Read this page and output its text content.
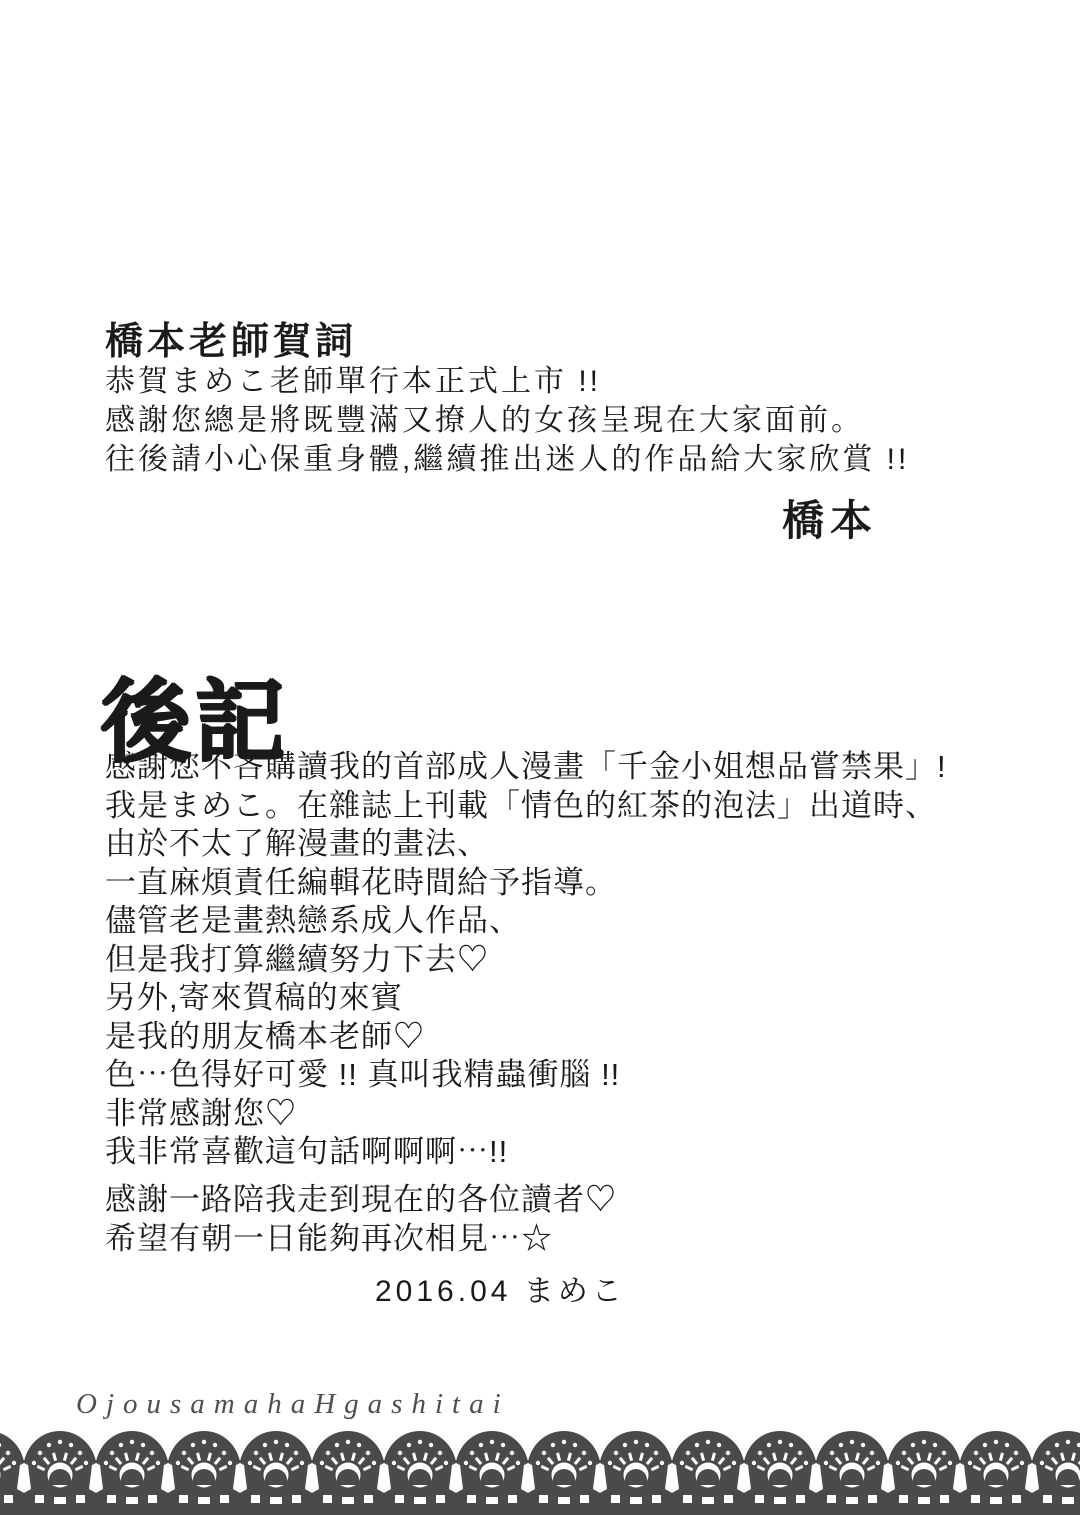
橋本老師賀詞

恭賀まめこ老師單行本正式上市 !!

感謝您總是將既豐滿又撩人的女孩呈現在大家面前。

往後請小心保重身體,繼續推出迷人的作品給大家欣賞 !!

橋本
後記

感謝您不吝購讀我的首部成人漫畫「千金小姐想品嘗禁果」!

我是まめこ。在雜誌上刊載「情色的紅茶的泡法」出道時、

由於不太了解漫畫的畫法、

一直麻煩責任編輯花時間給予指導。

儘管老是畫熱戀系成人作品、

但是我打算繼續努力下去♡

另外,寄來賀稿的來賓

是我的朋友橋本老師♡

色⋯色得好可愛 !! 真叫我精蟲衝腦 !!

非常感謝您♡

我非常喜歡這句話啊啊啊⋯!!

感謝一路陪我走到現在的各位讀者♡

希望有朝一日能夠再次相見⋯☆

2016.04 まめこ
OjousamahaHgashitai
